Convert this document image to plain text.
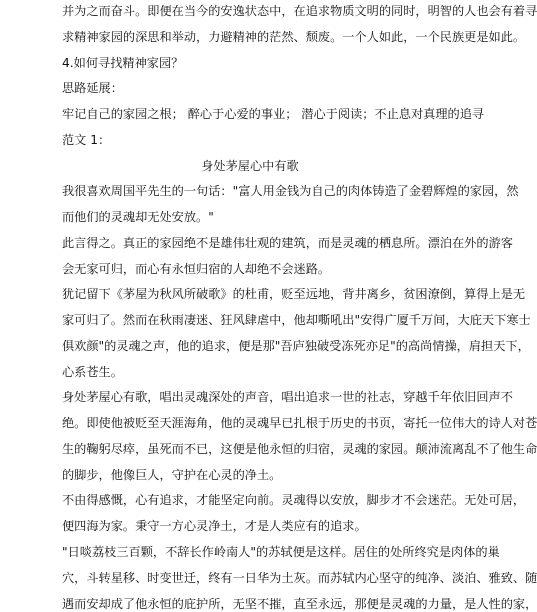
并为之而奋斗。即便在当今的安逸状态中，在追求物质文明的同时，明智的人也会有着寻
求精神家园的深思和举动，力避精神的茫然、颓废。一个人如此，一个民族更是如此。
4.如何寻找精神家园？
思路延展：
牢记自己的家园之根； 醉心于心爱的事业； 潜心于阅读；不止息对真理的追寻
范文 1：
身处茅屋心中有歌
我很喜欢周国平先生的一句话："富人用金钱为自己的肉体铸造了金碧辉煌的家园，然
而他们的灵魂却无处安放。"
此言得之。真正的家园绝不是雄伟壮观的建筑，而是灵魂的栖息所。漂泊在外的游客
会无家可归，而心有永恒归宿的人却绝不会迷路。
犹记留下《茅屋为秋风所破歌》的杜甫，贬至远地，背井离乡，贫困潦倒，算得上是无
家可归了。然而在秋雨凄迷、狂风肆虐中，他却嘶吼出"安得广厦千万间，大庇天下寒士
俱欢颜"的灵魂之声，他的追求，便是那"吾庐独破受冻死亦足"的高尚情操，肩担天下，
心系苍生。
身处茅屋心有歌，唱出灵魂深处的声音，唱出追求一世的社志，穿越千年依旧回声不
绝。即使他被贬至天涯海角，他的灵魂早已扎根于历史的书页，寄托一位伟大的诗人对苍
生的鞠躬尽瘁，虽死而不已，这便是他永恒的归宿，灵魂的家园。颠沛流离乱不了他生命
的脚步，他像巨人，守护在心灵的净土。
不由得感慨，心有追求，才能坚定向前。灵魂得以安放，脚步才不会迷茫。无处可居，
便四海为家。秉守一方心灵净土，才是人类应有的追求。
"日啖荔枝三百颗，不辞长作岭南人"的苏轼便是这样。居住的处所终究是肉体的巢
穴，斗转星移、时变世迁，终有一日华为土灰。而苏轼内心坚守的纯净、淡泊、雅致、随
遇而安却成了他永恒的庇护所，无坚不摧，直至永远，那便是灵魂的力量，是人性的家，
